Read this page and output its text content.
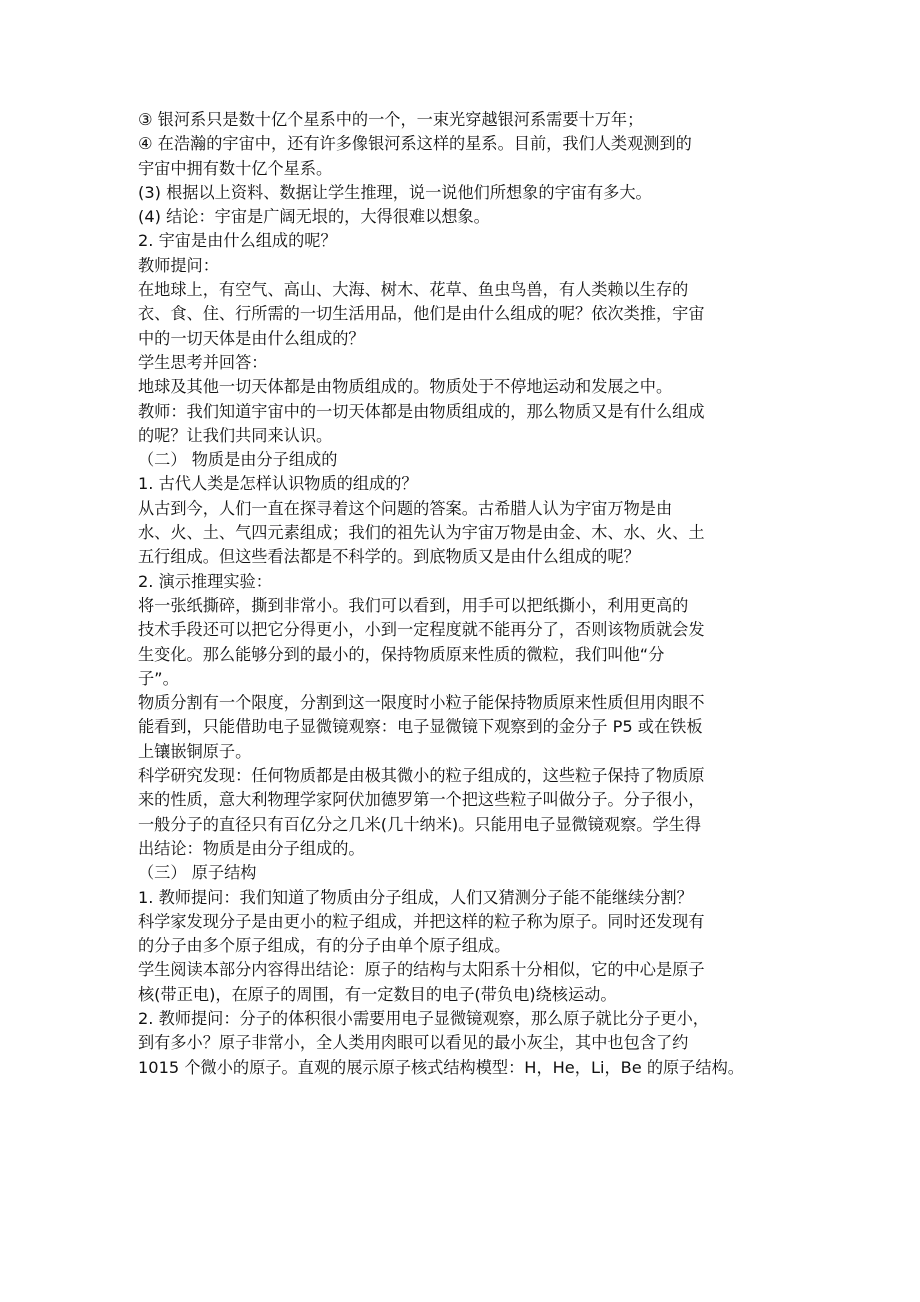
③ 银河系只是数十亿个星系中的一个，一束光穿越银河系需要十万年；
④ 在浩瀚的宇宙中，还有许多像银河系这样的星系。目前，我们人类观测到的
宇宙中拥有数十亿个星系。
(3) 根据以上资料、数据让学生推理，说一说他们所想象的宇宙有多大。
(4) 结论：宇宙是广阔无垠的，大得很难以想象。
2. 宇宙是由什么组成的呢？
教师提问：
在地球上，有空气、高山、大海、树木、花草、鱼虫鸟兽，有人类赖以生存的
衣、食、住、行所需的一切生活用品，他们是由什么组成的呢？依次类推，宇宙
中的一切天体是由什么组成的？
学生思考并回答：
地球及其他一切天体都是由物质组成的。物质处于不停地运动和发展之中。
教师：我们知道宇宙中的一切天体都是由物质组成的，那么物质又是有什么组成
的呢？让我们共同来认识。
（二） 物质是由分子组成的
1. 古代人类是怎样认识物质的组成的？
从古到今，人们一直在探寻着这个问题的答案。古希腊人认为宇宙万物是由
水、火、土、气四元素组成；我们的祖先认为宇宙万物是由金、木、水、火、土
五行组成。但这些看法都是不科学的。到底物质又是由什么组成的呢？
2. 演示推理实验：
将一张纸撕碎，撕到非常小。我们可以看到，用手可以把纸撕小，利用更高的
技术手段还可以把它分得更小，小到一定程度就不能再分了，否则该物质就会发
生变化。那么能够分到的最小的，保持物质原来性质的微粒，我们叫他“分
子”。
物质分割有一个限度，分割到这一限度时小粒子能保持物质原来性质但用肉眼不
能看到，只能借助电子显微镜观察：电子显微镜下观察到的金分子 P5 或在铁板
上镶嵌铜原子。
科学研究发现：任何物质都是由极其微小的粒子组成的，这些粒子保持了物质原
来的性质，意大利物理学家阿伏加德罗第一个把这些粒子叫做分子。分子很小，
一般分子的直径只有百亿分之几米(几十纳米)。只能用电子显微镜观察。学生得
出结论：物质是由分子组成的。
（三） 原子结构
1. 教师提问：我们知道了物质由分子组成，人们又猜测分子能不能继续分割？
科学家发现分子是由更小的粒子组成，并把这样的粒子称为原子。同时还发现有
的分子由多个原子组成，有的分子由单个原子组成。
学生阅读本部分内容得出结论：原子的结构与太阳系十分相似，它的中心是原子
核(带正电)，在原子的周围，有一定数目的电子(带负电)绕核运动。
2. 教师提问：分子的体积很小需要用电子显微镜观察，那么原子就比分子更小，
到有多小？原子非常小，全人类用肉眼可以看见的最小灰尘，其中也包含了约
1015 个微小的原子。直观的展示原子核式结构模型：H，He，Li，Be 的原子结构。
